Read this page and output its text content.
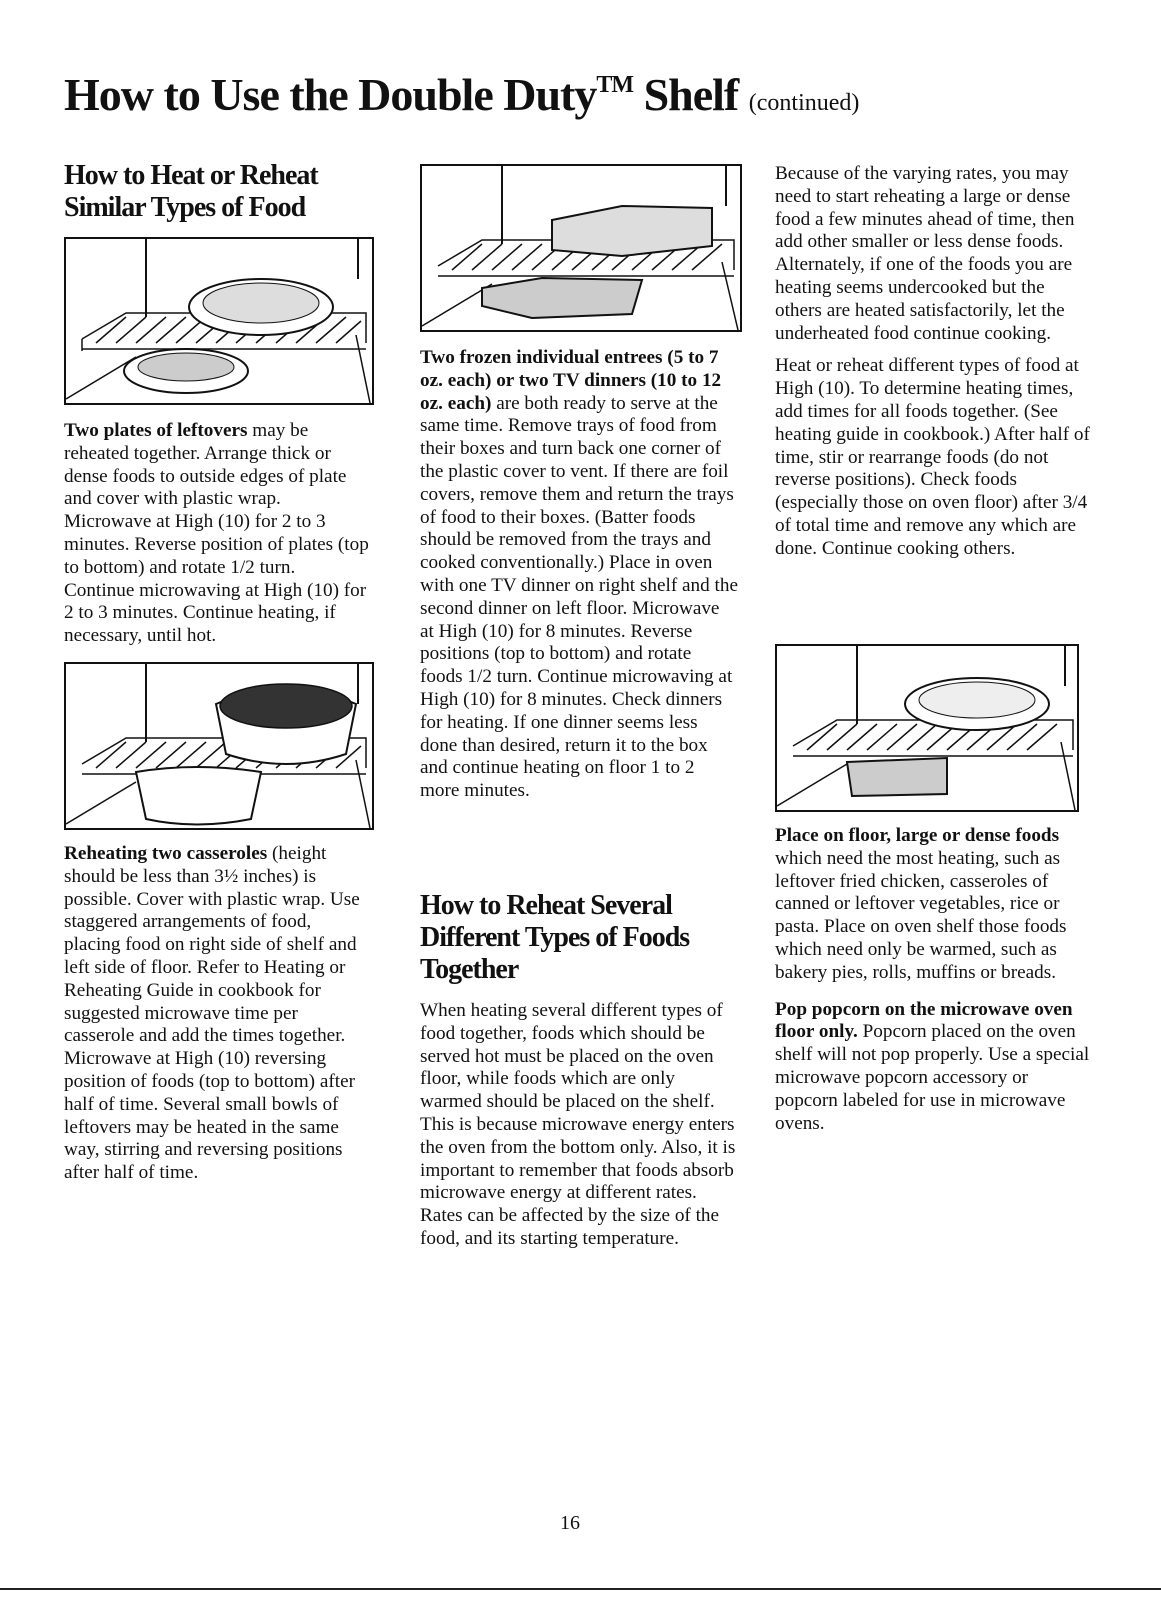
How to Use the Double Duty™ Shelf (continued)
How to Heat or Reheat
Similar Types of Food

Two plates of leftovers may be reheated together. Arrange thick or dense foods to outside edges of plate and cover with plastic wrap. Microwave at High (10) for 2 to 3 minutes. Reverse position of plates (top to bottom) and rotate 1/2 turn. Continue microwaving at High (10) for 2 to 3 minutes. Continue heating, if necessary, until hot.

Reheating two casseroles (height should be less than 3½ inches) is possible. Cover with plastic wrap. Use staggered arrangements of food, placing food on right side of shelf and left side of floor. Refer to Heating or Reheating Guide in cookbook for suggested microwave time per casserole and add the times together. Microwave at High (10) reversing position of foods (top to bottom) after half of time. Several small bowls of leftovers may be heated in the same way, stirring and reversing positions after half of time.

Two frozen individual entrees (5 to 7 oz. each) or two TV dinners (10 to 12 oz. each) are both ready to serve at the same time. Remove trays of food from their boxes and turn back one corner of the plastic cover to vent. If there are foil covers, remove them and return the trays of food to their boxes. (Batter foods should be removed from the trays and cooked conventionally.) Place in oven with one TV dinner on right shelf and the second dinner on left floor. Microwave at High (10) for 8 minutes. Reverse positions (top to bottom) and rotate foods 1/2 turn. Continue microwaving at High (10) for 8 minutes. Check dinners for heating. If one dinner seems less done than desired, return it to the box and continue heating on floor 1 to 2 more minutes.

How to Reheat Several
Different Types of Foods
Together

When heating several different types of food together, foods which should be served hot must be placed on the oven floor, while foods which are only warmed should be placed on the shelf. This is because microwave energy enters the oven from the bottom only. Also, it is important to remember that foods absorb microwave energy at different rates. Rates can be affected by the size of the food, and its starting temperature.

Because of the varying rates, you may need to start reheating a large or dense food a few minutes ahead of time, then add other smaller or less dense foods. Alternately, if one of the foods you are heating seems undercooked but the others are heated satisfactorily, let the underheated food continue cooking.

Heat or reheat different types of food at High (10). To determine heating times, add times for all foods together. (See heating guide in cookbook.) After half of time, stir or rearrange foods (do not reverse positions). Check foods (especially those on oven floor) after 3/4 of total time and remove any which are done. Continue cooking others.

Place on floor, large or dense foods which need the most heating, such as leftover fried chicken, casseroles of canned or leftover vegetables, rice or pasta. Place on oven shelf those foods which need only be warmed, such as bakery pies, rolls, muffins or breads.

Pop popcorn on the microwave oven floor only. Popcorn placed on the oven shelf will not pop properly. Use a special microwave popcorn accessory or popcorn labeled for use in microwave ovens.

16
